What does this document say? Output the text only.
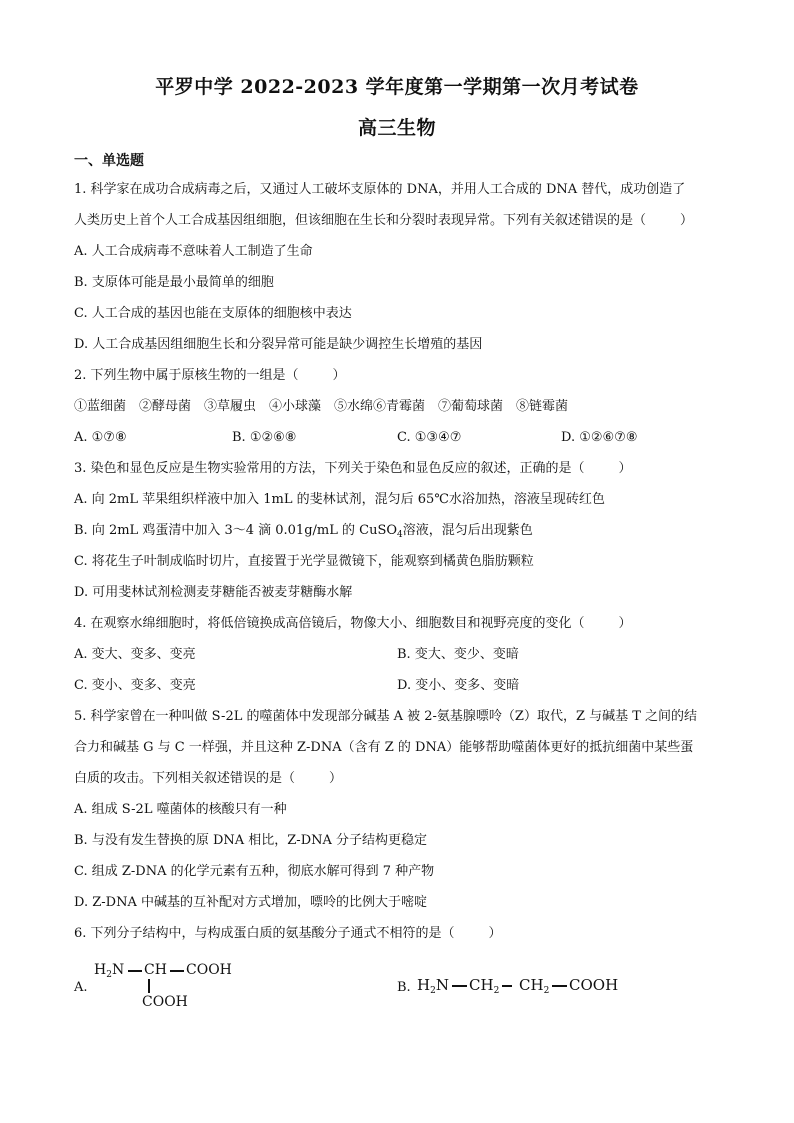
平罗中学 2022-2023 学年度第一学期第一次月考试卷
高三生物
一、单选题
1. 科学家在成功合成病毒之后，又通过人工破坏支原体的 DNA，并用人工合成的 DNA 替代，成功创造了
人类历史上首个人工合成基因组细胞，但该细胞在生长和分裂时表现异常。下列有关叙述错误的是（	）
A. 人工合成病毒不意味着人工制造了生命
B. 支原体可能是最小最简单的细胞
C. 人工合成的基因也能在支原体的细胞核中表达
D. 人工合成基因组细胞生长和分裂异常可能是缺少调控生长增殖的基因
2. 下列生物中属于原核生物的一组是（	）
①蓝细菌　②酵母菌　③草履虫　④小球藻　⑤水绵⑥青霉菌　⑦葡萄球菌　⑧链霉菌
A. ①⑦⑧	B. ①②⑥⑧	C. ①③④⑦	D. ①②⑥⑦⑧
3. 染色和显色反应是生物实验常用的方法，下列关于染色和显色反应的叙述，正确的是（	）
A. 向 2mL 苹果组织样液中加入 1mL 的斐林试剂，混匀后 65℃水浴加热，溶液呈现砖红色
B. 向 2mL 鸡蛋清中加入 3～4 滴 0.01g/mL 的 CuSO$_4$溶液，混匀后出现紫色
C. 将花生子叶制成临时切片，直接置于光学显微镜下，能观察到橘黄色脂肪颗粒
D. 可用斐林试剂检测麦芽糖能否被麦芽糖酶水解
4. 在观察水绵细胞时，将低倍镜换成高倍镜后，物像大小、细胞数目和视野亮度的变化（	）
A. 变大、变多、变亮	B. 变大、变少、变暗
C. 变小、变多、变亮	D. 变小、变多、变暗
5. 科学家曾在一种叫做 S-2L 的噬菌体中发现部分碱基 A 被 2-氨基腺嘌呤（Z）取代，Z 与碱基 T 之间的结
合力和碱基 G 与 C 一样强，并且这种 Z-DNA（含有 Z 的 DNA）能够帮助噬菌体更好的抵抗细菌中某些蛋
白质的攻击。下列相关叙述错误的是（	）
A. 组成 S-2L 噬菌体的核酸只有一种
B. 与没有发生替换的原 DNA 相比，Z-DNA 分子结构更稳定
C. 组成 Z-DNA 的化学元素有五种，彻底水解可得到 7 种产物
D. Z-DNA 中碱基的互补配对方式增加，嘌呤的比例大于嘧啶
6. 下列分子结构中，与构成蛋白质的氨基酸分子通式不相符的是（	）
A.
$H_2N$ CH COOH
COOH
B. $H_2N$ $CH_2$ $CH_2$ COOH
